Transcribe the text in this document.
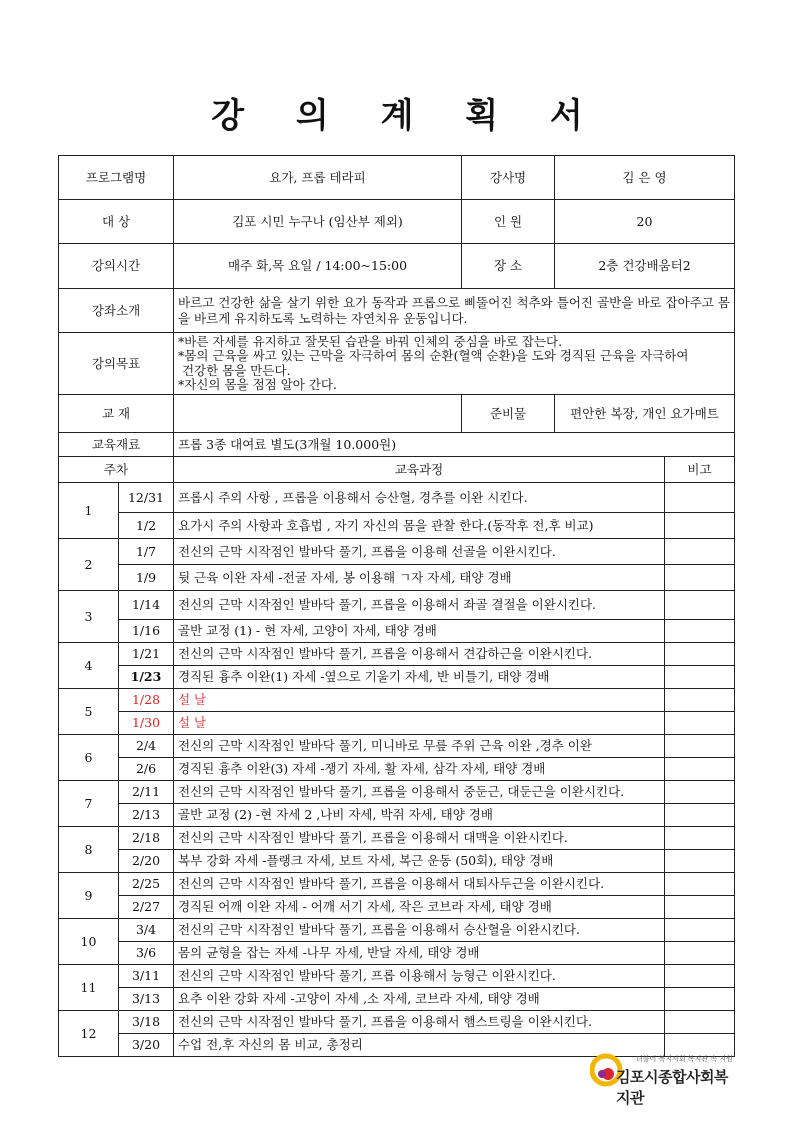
강 의 계 획 서
프로그램명	요가, 프롭 테라피	강사명	김 은 영
대 상	김포 시민 누구나 (임산부 제외)	인 원	20
강의시간	매주 화,목 요일 / 14:00~15:00	장 소	2층 건강배움터2
강좌소개	바르고 건강한 삶을 살기 위한 요가 동작과 프롭으로 삐뚤어진 척추와 틀어진 골반을 바로 잡아주고 몸을 바르게 유지하도록 노력하는 자연치유 운동입니다.		
강의목표	*바른 자세를 유지하고 잘못된 습관을 바꿔 인체의 중심을 바로 잡는다.
*몸의 근육을 싸고 있는 근막을 자극하여 몸의 순환(혈액 순환)을 도와 경직된 근육을 자극하여
건강한 몸을 만든다.
*자신의 몸을 점점 알아 간다.		

교 재		준비물	편안한 복장, 개인 요가매트
교육재료	프롭 3종 대여료 별도(3개월 10.000원)		
주차		교육과정	비고
1	12/31	프롭시 주의 사항 , 프롭을 이용해서 승산혈, 경추를 이완 시킨다.	
	1/2	요가시 주의 사항과 호흡법 , 자기 자신의 몸을 관찰 한다.(동작후 전,후 비교)	
2	1/7	전신의 근막 시작점인 발바닥 풀기, 프롭을 이용해 선골을 이완시킨다.	
	1/9	뒷 근육 이완 자세 -전굴 자세, 봉 이용해 ㄱ자 자세, 태양 경배	
3	1/14	전신의 근막 시작점인 발바닥 풀기, 프롭을 이용해서 좌골 결절을 이완시킨다.	
	1/16	골반 교정 (1) - 현 자세, 고양이 자세, 태양 경배	
4	1/21	전신의 근막 시작점인 발바닥 풀기, 프롭을 이용해서 견갑하근을 이완시킨다.	
	1/23	경직된 흉추 이완(1) 자세 -옆으로 기울기 자세, 반 비틀기, 태양 경배	
5	1/28	설 날	
	1/30	설 날	
6	2/4	전신의 근막 시작점인 발바닥 풀기, 미니바로 무릎 주위 근육 이완 ,경추 이완	
	2/6	경직된 흉추 이완(3) 자세 -쟁기 자세, 활 자세, 삼각 자세, 태양 경배	
7	2/11	전신의 근막 시작점인 발바닥 풀기, 프롭을 이용해서 중둔근, 대둔근을 이완시킨다.	
	2/13	골반 교정 (2) -현 자세 2 ,나비 자세, 박쥐 자세, 태양 경배	
8	2/18	전신의 근막 시작점인 발바닥 풀기, 프롭을 이용해서 대맥을 이완시킨다.	
	2/20	복부 강화 자세 -플랭크 자세, 보트 자세, 복근 운동 (50회), 태양 경배	
9	2/25	전신의 근막 시작점인 발바닥 풀기, 프롭을 이용해서 대퇴사두근을 이완시킨다.	
	2/27	경직된 어깨 이완 자세 - 어깨 서기 자세, 작은 코브라 자세, 태양 경배	
10	3/4	전신의 근막 시작점인 발바닥 풀기, 프롭을 이용해서 승산혈을 이완시킨다.	
	3/6	몸의 균형을 잡는 자세 -나무 자세, 반달 자세, 태양 경배	
11	3/11	전신의 근막 시작점인 발바닥 풀기, 프롭 이용해서 능형근 이완시킨다.	
	3/13	요추 이완 강화 자세 -고양이 자세 ,소 자세, 코브라 자세, 태양 경배	
12	3/18	전신의 근막 시작점인 발바닥 풀기, 프롭을 이용해서 햄스트링을 이완시킨다.	
	3/20	수업 전,후 자신의 몸 비교, 총정리	
더불어 복지사회 복지관 속 지원
김포시종합사회복지관
